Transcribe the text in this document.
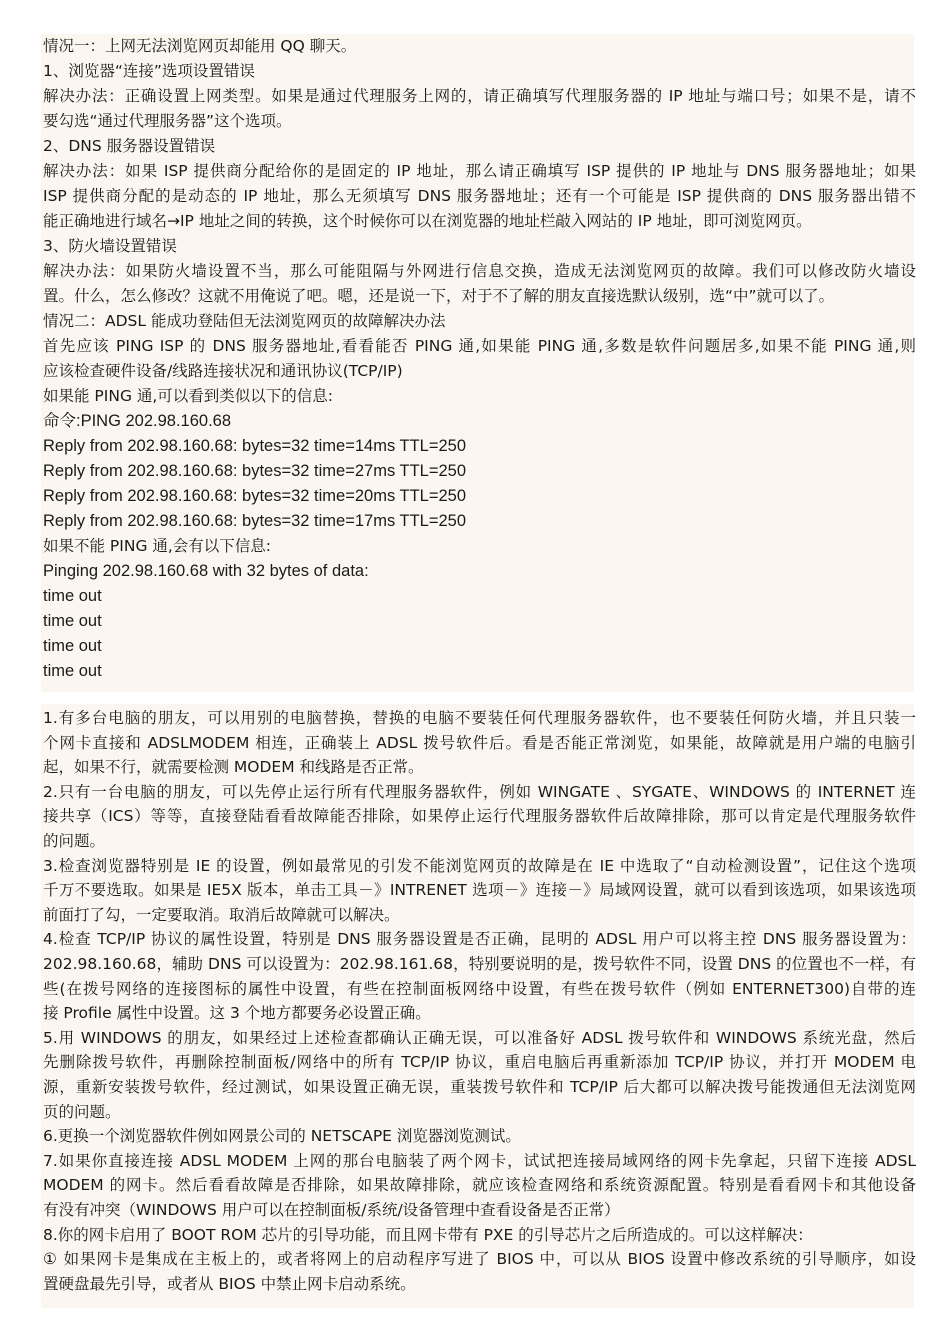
情况一：上网无法浏览网页却能用 QQ 聊天。
1、浏览器“连接”选项设置错误
解决办法：正确设置上网类型。如果是通过代理服务上网的，请正确填写代理服务器的 IP 地址与端口号；如果不是，请不
要勾选“通过代理服务器”这个选项。
2、DNS 服务器设置错误
解决办法：如果 ISP 提供商分配给你的是固定的 IP 地址，那么请正确填写 ISP 提供的 IP 地址与 DNS 服务器地址；如果
ISP 提供商分配的是动态的 IP 地址，那么无须填写 DNS 服务器地址；还有一个可能是 ISP 提供商的 DNS 服务器出错不
能正确地进行域名→IP 地址之间的转换，这个时候你可以在浏览器的地址栏敲入网站的 IP 地址，即可浏览网页。
3、防火墙设置错误
解决办法：如果防火墙设置不当，那么可能阻隔与外网进行信息交换，造成无法浏览网页的故障。我们可以修改防火墙设
置。什么，怎么修改？这就不用俺说了吧。嗯，还是说一下，对于不了解的朋友直接选默认级别，选“中”就可以了。
情况二：ADSL 能成功登陆但无法浏览网页的故障解决办法
首先应该 PING ISP 的 DNS 服务器地址,看看能否 PING 通,如果能 PING 通,多数是软件问题居多,如果不能 PING 通,则
应该检查硬件设备/线路连接状况和通讯协议(TCP/IP)
如果能 PING 通,可以看到类似以下的信息:
命令:PING 202.98.160.68
Reply from 202.98.160.68: bytes=32 time=14ms TTL=250
Reply from 202.98.160.68: bytes=32 time=27ms TTL=250
Reply from 202.98.160.68: bytes=32 time=20ms TTL=250
Reply from 202.98.160.68: bytes=32 time=17ms TTL=250
如果不能 PING 通,会有以下信息:
Pinging 202.98.160.68 with 32 bytes of data:
time out
time out
time out
time out
1.有多台电脑的朋友，可以用别的电脑替换，替换的电脑不要装任何代理服务器软件，也不要装任何防火墙，并且只装一
个网卡直接和 ADSLMODEM 相连，正确装上 ADSL 拨号软件后。看是否能正常浏览，如果能，故障就是用户端的电脑引
起，如果不行，就需要检测 MODEM 和线路是否正常。
2.只有一台电脑的朋友，可以先停止运行所有代理服务器软件，例如 WINGATE 、SYGATE、WINDOWS 的 INTERNET 连
接共享（ICS）等等，直接登陆看看故障能否排除，如果停止运行代理服务器软件后故障排除，那可以肯定是代理服务软件
的问题。
3.检查浏览器特别是 IE 的设置，例如最常见的引发不能浏览网页的故障是在 IE 中选取了“自动检测设置”，记住这个选项
千万不要选取。如果是 IE5X 版本，单击工具－》INTRENET 选项－》连接－》局域网设置，就可以看到该选项，如果该选项
前面打了勾，一定要取消。取消后故障就可以解决。
4.检查 TCP/IP 协议的属性设置，特别是 DNS 服务器设置是否正确，昆明的 ADSL 用户可以将主控 DNS 服务器设置为：
202.98.160.68，辅助 DNS 可以设置为：202.98.161.68，特别要说明的是，拨号软件不同，设置 DNS 的位置也不一样，有
些(在拨号网络的连接图标的属性中设置，有些在控制面板网络中设置，有些在拨号软件（例如 ENTERNET300)自带的连
接 Profile 属性中设置。这 3 个地方都要务必设置正确。
5.用 WINDOWS 的朋友，如果经过上述检查都确认正确无误，可以准备好 ADSL 拨号软件和 WINDOWS 系统光盘，然后
先删除拨号软件，再删除控制面板/网络中的所有 TCP/IP 协议，重启电脑后再重新添加 TCP/IP 协议，并打开 MODEM 电
源，重新安装拨号软件，经过测试，如果设置正确无误，重装拨号软件和 TCP/IP 后大都可以解决拨号能拨通但无法浏览网
页的问题。
6.更换一个浏览器软件例如网景公司的 NETSCAPE 浏览器浏览测试。
7.如果你直接连接 ADSL MODEM 上网的那台电脑装了两个网卡，试试把连接局域网络的网卡先拿起，只留下连接 ADSL
MODEM 的网卡。然后看看故障是否排除，如果故障排除，就应该检查网络和系统资源配置。特别是看看网卡和其他设备
有没有冲突（WINDOWS 用户可以在控制面板/系统/设备管理中查看设备是否正常）
8.你的网卡启用了 BOOT ROM 芯片的引导功能，而且网卡带有 PXE 的引导芯片之后所造成的。可以这样解决：
① 如果网卡是集成在主板上的，或者将网上的启动程序写进了 BIOS 中，可以从 BIOS 设置中修改系统的引导顺序，如设
置硬盘最先引导，或者从 BIOS 中禁止网卡启动系统。
